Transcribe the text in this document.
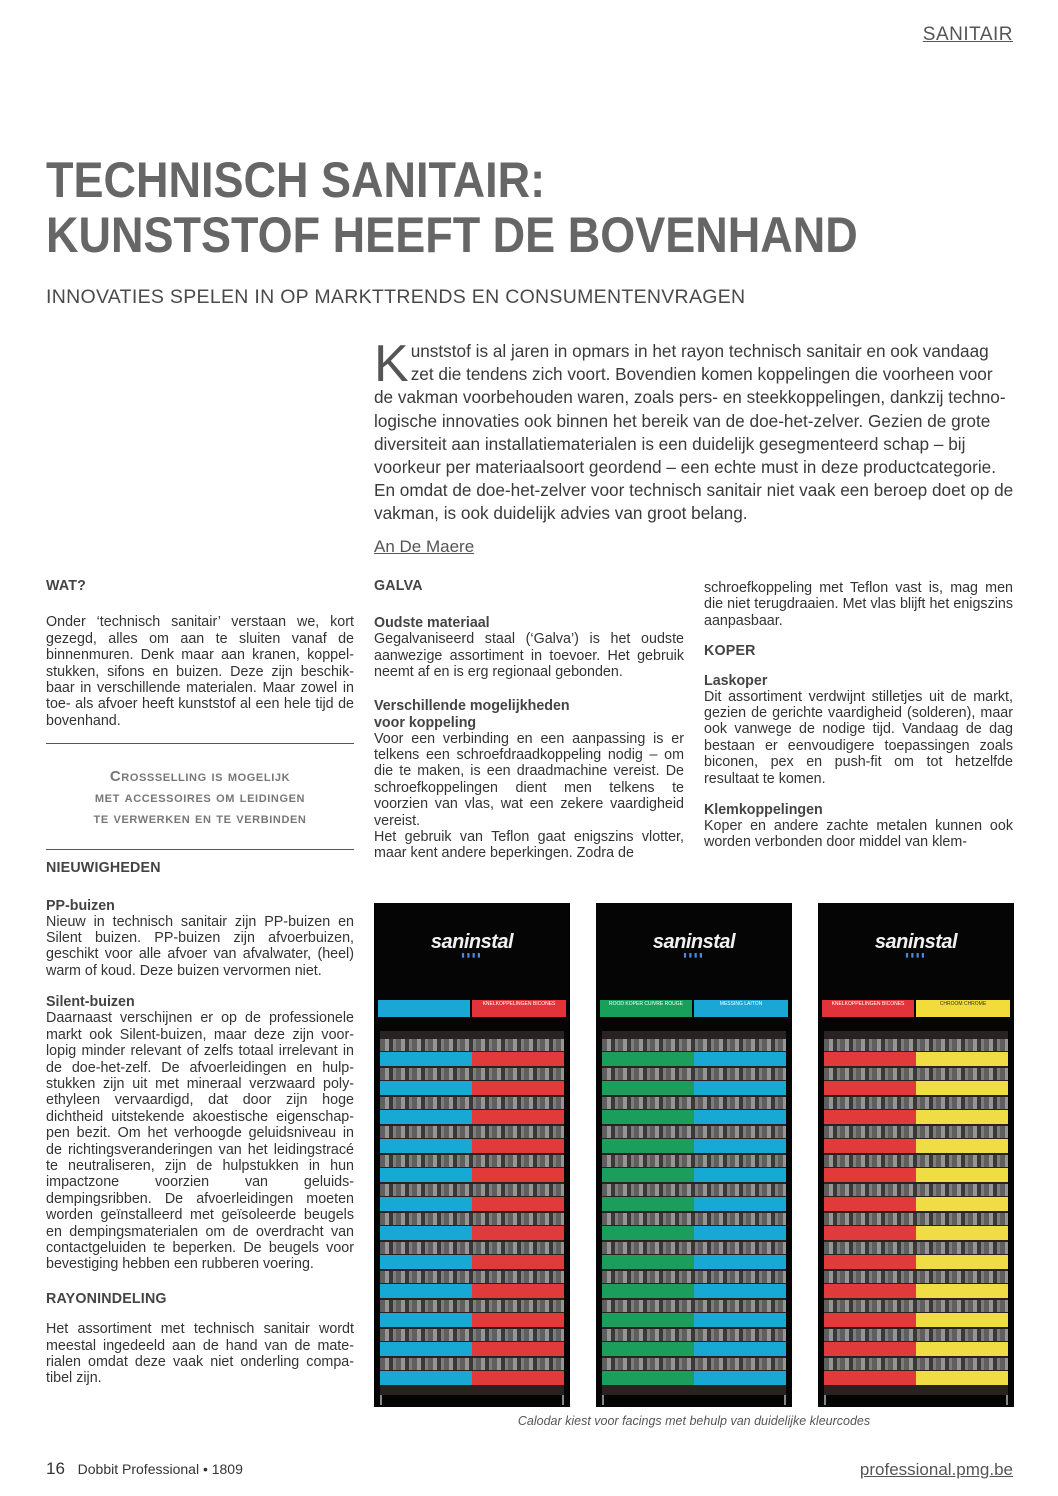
SANITAIR
TECHNISCH SANITAIR:
KUNSTSTOF HEEFT DE BOVENHAND
INNOVATIES SPELEN IN OP MARKTTRENDS EN CONSUMENTENVRAGEN
Kunststof is al jaren in opmars in het rayon technisch sanitair en ook vandaag zet die tendens zich voort. Bovendien komen koppelingen die voorheen voor de vakman voorbehouden waren, zoals pers- en steekkoppelingen, dankzij technologische innovaties ook binnen het bereik van de doe-het-zelver. Gezien de grote diversiteit aan installatiematerialen is een duidelijk gesegmenteerd schap – bij voorkeur per materiaalsoort geordend – een echte must in deze productcategorie. En omdat de doe-het-zelver voor technisch sanitair niet vaak een beroep doet op de vakman, is ook duidelijk advies van groot belang.
An De Maere
WAT?

Onder ‘technisch sanitair’ verstaan we, kort gezegd, alles om aan te sluiten vanaf de binnenmuren. Denk maar aan kranen, koppelstukken, sifons en buizen. Deze zijn beschikbaar in verschillende materialen. Maar zowel in toe- als afvoer heeft kunststof al een hele tijd de bovenhand.

Crossselling is mogelijk
met accessoires om leidingen
te verwerken en te verbinden
NIEUWIGHEDEN
PP-buizen

Nieuw in technisch sanitair zijn PP-buizen en Silent buizen. PP-buizen zijn afvoerbuizen, geschikt voor alle afvoer van afvalwater, (heel) warm of koud. Deze buizen vervormen niet.

Silent-buizen

Daarnaast verschijnen er op de professionele markt ook Silent-buizen, maar deze zijn voorlopig minder relevant of zelfs totaal irrelevant in de doe-het-zelf. De afvoerleidingen en hulpstukken zijn uit met mineraal verzwaard polyethyleen vervaardigd, dat door zijn hoge dichtheid uitstekende akoestische eigenschappen bezit. Om het verhoogde geluidsniveau in de richtingsveranderingen van het leidingstracé te neutraliseren, zijn de hulpstukken in hun impactzone voorzien van geluidsdempingsribben. De afvoerleidingen moeten worden geïnstalleerd met geïsoleerde beugels en dempingsmaterialen om de overdracht van contactgeluiden te beperken. De beugels voor bevestiging hebben een rubberen voering.

RAYONINDELING

Het assortiment met technisch sanitair wordt meestal ingedeeld aan de hand van de materialen omdat deze vaak niet onderling compatibel zijn.

GALVA
Oudste materiaal

Gegalvaniseerd staal (‘Galva’) is het oudste aanwezige assortiment in toevoer. Het gebruik neemt af en is erg regionaal gebonden.

Verschillende mogelijkheden
voor koppeling

Voor een verbinding en een aanpassing is er telkens een schroefdraadkoppeling nodig – om die te maken, is een draadmachine vereist. De schroefkoppelingen dient men telkens te voorzien van vlas, wat een zekere vaardigheid vereist.

Het gebruik van Teflon gaat enigszins vlotter, maar kent andere beperkingen. Zodra de

schroefkoppeling met Teflon vast is, mag men die niet terugdraaien. Met vlas blijft het enigszins aanpasbaar.

KOPER
Laskoper

Dit assortiment verdwijnt stilletjes uit de markt, gezien de gerichte vaardigheid (solderen), maar ook vanwege de nodige tijd. Vandaag de dag bestaan er eenvoudigere toepassingen zoals biconen, pex en push-fit om tot hetzelfde resultaat te komen.

Klemkoppelingen

Koper en andere zachte metalen kunnen ook worden verbonden door middel van klem-

saninstal
▮▮▮▮
KNELKOPPELINGEN BICONES
saninstal
▮▮▮▮
ROOD KOPER CUIVRE ROUGE	MESSING LAITON
saninstal
▮▮▮▮
KNELKOPPELINGEN BICONES	CHROOM CHROME
Calodar kiest voor facings met behulp van duidelijke kleurcodes
16 Dobbit Professional • 1809	professional.pmg.be
